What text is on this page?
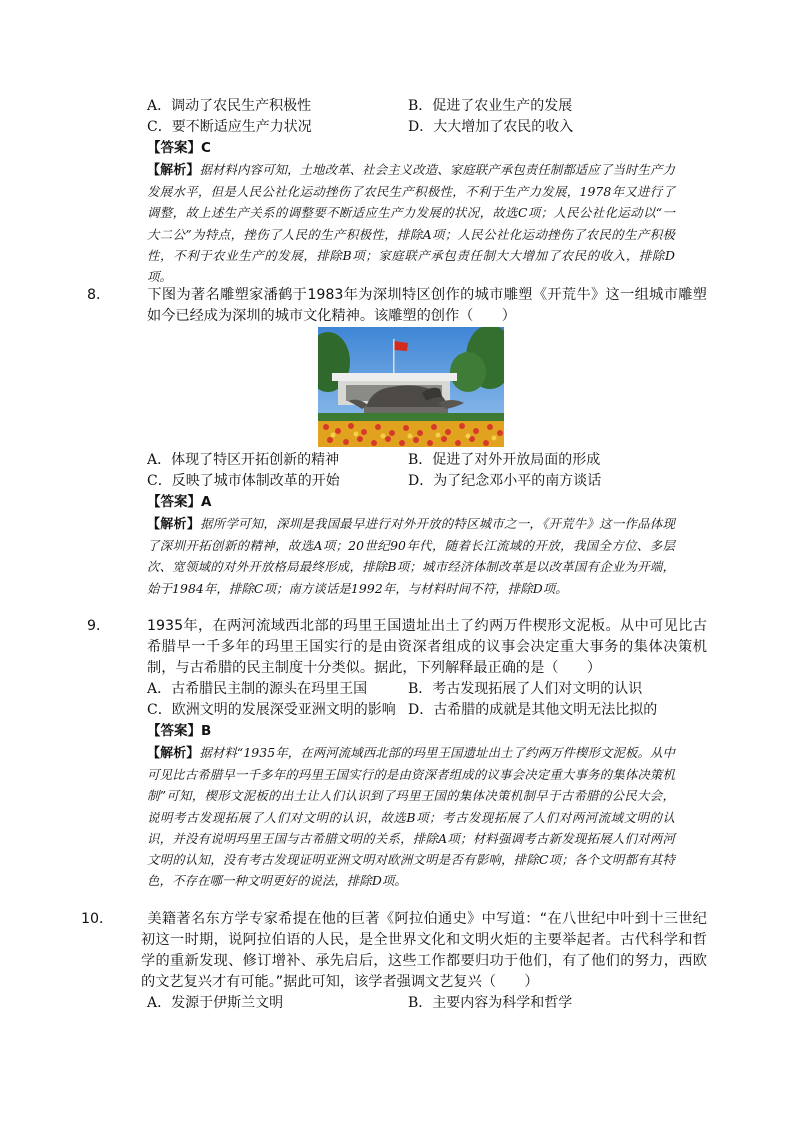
A．调动了农民生产积极性	B．促进了农业生产的发展
C．要不断适应生产力状况	D．大大增加了农民的收入
【答案】C
【解析】据材料内容可知，土地改革、社会主义改造、家庭联产承包责任制都适应了当时生产力发展水平，但是人民公社化运动挫伤了农民生产积极性，不利于生产力发展，1978年又进行了调整，故上述生产关系的调整要不断适应生产力发展的状况，故选C项；人民公社化运动以“一大二公”为特点，挫伤了人民的生产积极性，排除A项；人民公社化运动挫伤了农民的生产积极性，不利于农业生产的发展，排除B项；家庭联产承包责任制大大增加了农民的收入，排除D项。
8．	下图为著名雕塑家潘鹤于1983年为深圳特区创作的城市雕塑《开荒牛》这一组城市雕塑如今已经成为深圳的城市文化精神。该雕塑的创作（　　）
A．体现了特区开拓创新的精神	B．促进了对外开放局面的形成
C．反映了城市体制改革的开始	D．为了纪念邓小平的南方谈话
【答案】A
【解析】据所学可知，深圳是我国最早进行对外开放的特区城市之一，《开荒牛》这一作品体现了深圳开拓创新的精神，故选A项；20世纪90年代，随着长江流域的开放，我国全方位、多层次、宽领域的对外开放格局最终形成，排除B项；城市经济体制改革是以改革国有企业为开端，始于1984年，排除C项；南方谈话是1992年，与材料时间不符，排除D项。
9．	1935年，在两河流域西北部的玛里王国遗址出土了约两万件楔形文泥板。从中可见比古希腊早一千多年的玛里王国实行的是由资深者组成的议事会决定重大事务的集体决策机制，与古希腊的民主制度十分类似。据此，下列解释最正确的是（　　）
A．古希腊民主制的源头在玛里王国	B．考古发现拓展了人们对文明的认识
C．欧洲文明的发展深受亚洲文明的影响 D．古希腊的成就是其他文明无法比拟的
【答案】B
【解析】据材料“1935年，在两河流域西北部的玛里王国遗址出土了约两万件楔形文泥板。从中可见比古希腊早一千多年的玛里王国实行的是由资深者组成的议事会决定重大事务的集体决策机制”可知，楔形文泥板的出土让人们认识到了玛里王国的集体决策机制早于古希腊的公民大会，说明考古发现拓展了人们对文明的认识，故选B项；考古发现拓展了人们对两河流域文明的认识，并没有说明玛里王国与古希腊文明的关系，排除A项；材料强调考古新发现拓展人们对两河文明的认知，没有考古发现证明亚洲文明对欧洲文明是否有影响，排除C项；各个文明都有其特色，不存在哪一种文明更好的说法，排除D项。
10． 美籍著名东方学专家希提在他的巨著《阿拉伯通史》中写道：“在八世纪中叶到十三世纪初这一时期，说阿拉伯语的人民，是全世界文化和文明火炬的主要举起者。古代科学和哲学的重新发现、修订增补、承先启后，这些工作都要归功于他们，有了他们的努力，西欧的文艺复兴才有可能。”据此可知，该学者强调文艺复兴（　　）
A．发源于伊斯兰文明	B．主要内容为科学和哲学
